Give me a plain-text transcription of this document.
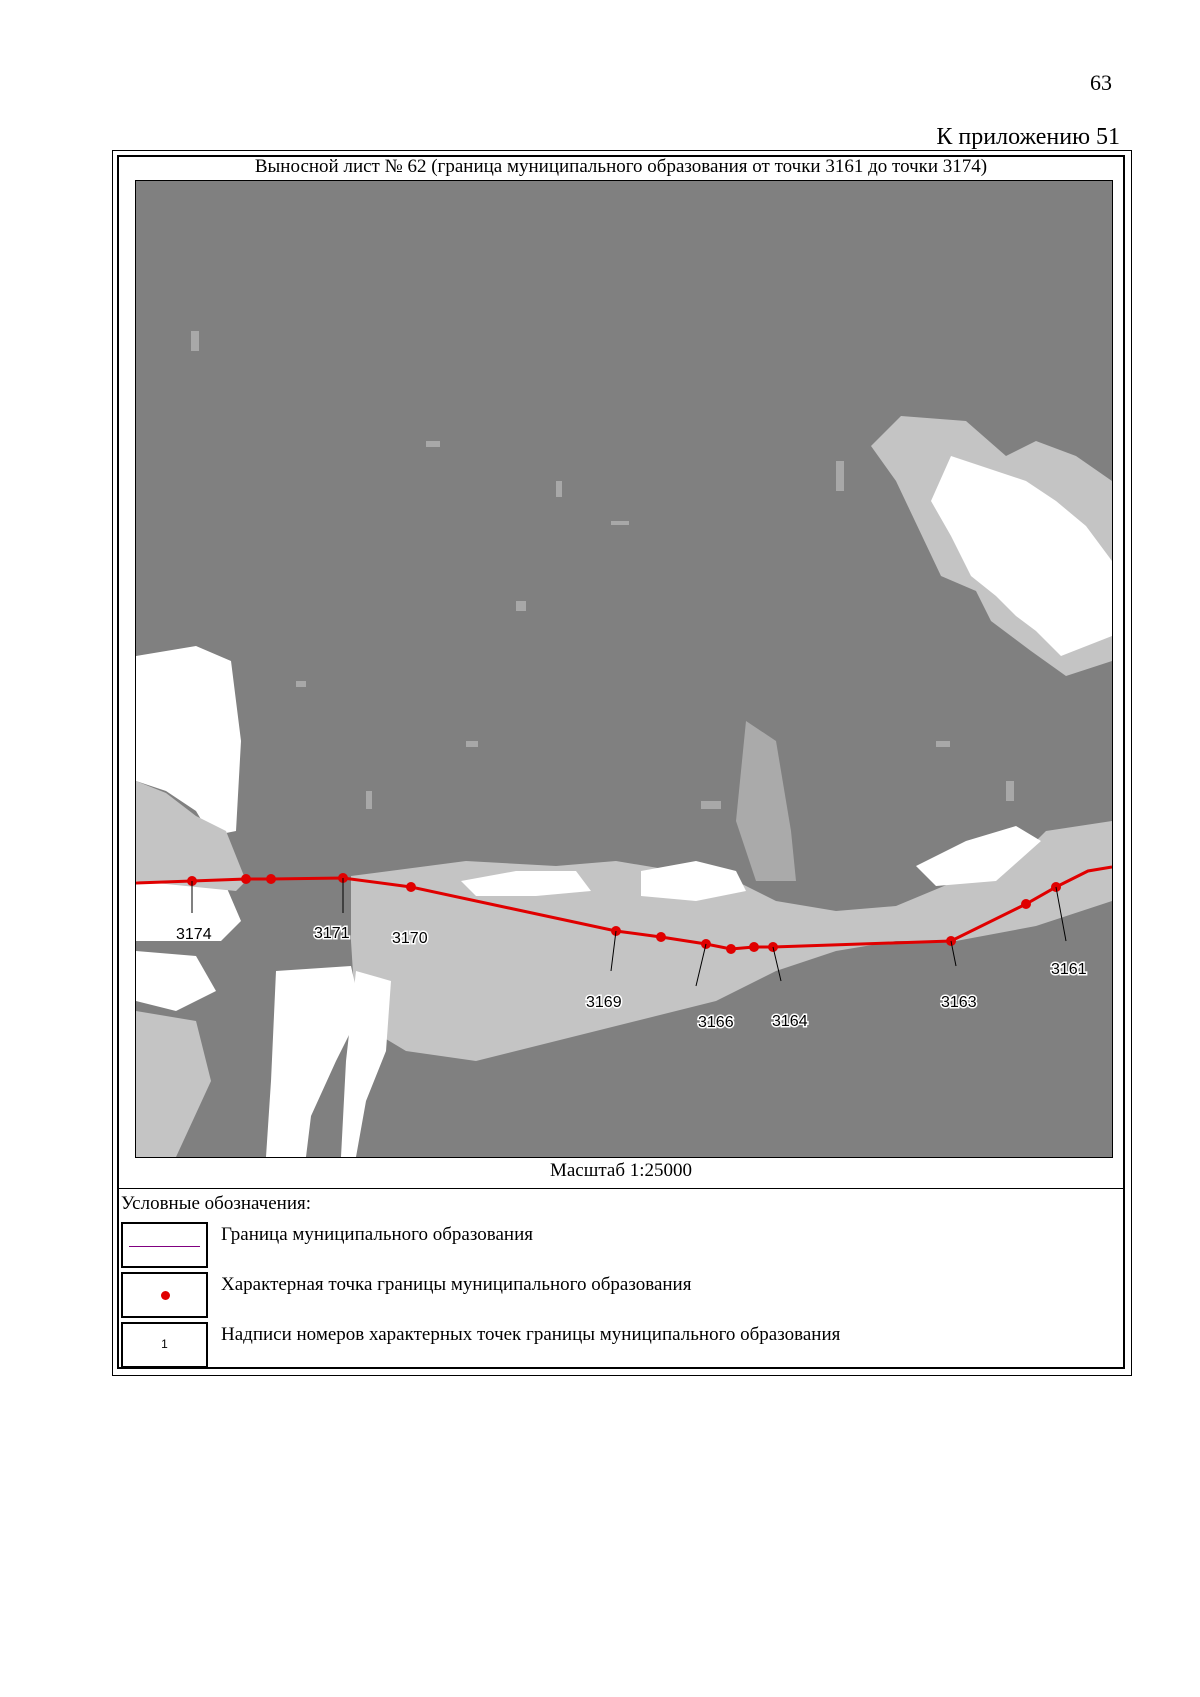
63
К приложению 51
Выносной лист № 62 (граница муниципального образования от точки 3161 до точки 3174)
3174	3171	3170
3169
3166 3164
3163
3161
Масштаб 1:25000
Условные обозначения:
Граница муниципального образования
Характерная точка границы муниципального образования
1	Надписи номеров характерных точек границы муниципального образования
